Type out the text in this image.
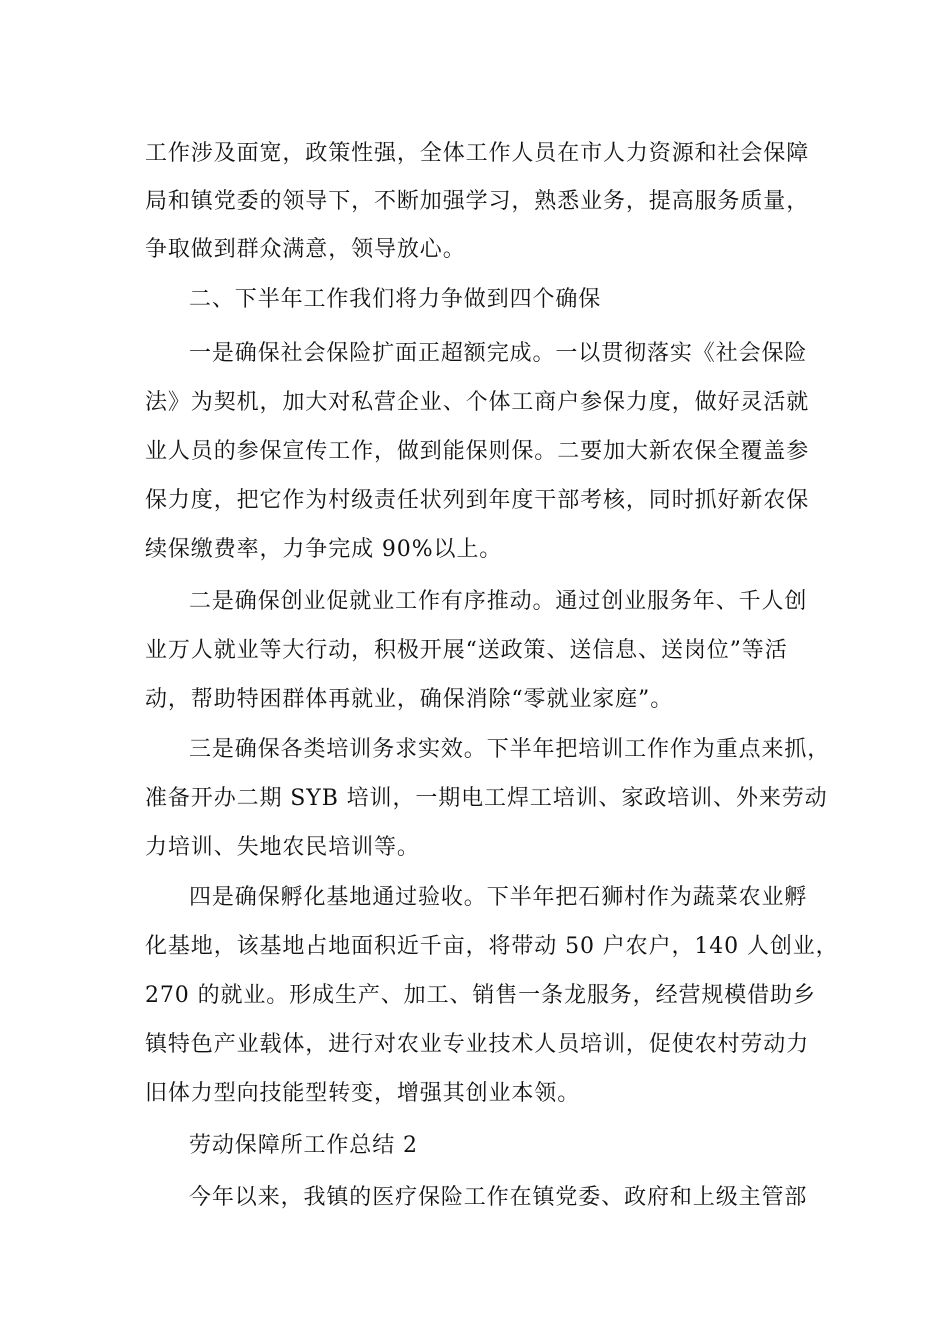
工作涉及面宽，政策性强，全体工作人员在市人力资源和社会保障
局和镇党委的领导下，不断加强学习，熟悉业务，提高服务质量，
争取做到群众满意，领导放心。
二、下半年工作我们将力争做到四个确保
一是确保社会保险扩面正超额完成。一以贯彻落实《社会保险
法》为契机，加大对私营企业、个体工商户参保力度，做好灵活就
业人员的参保宣传工作，做到能保则保。二要加大新农保全覆盖参
保力度，把它作为村级责任状列到年度干部考核，同时抓好新农保
续保缴费率，力争完成 90%以上。
二是确保创业促就业工作有序推动。通过创业服务年、千人创
业万人就业等大行动，积极开展“送政策、送信息、送岗位”等活
动，帮助特困群体再就业，确保消除“零就业家庭”。
三是确保各类培训务求实效。下半年把培训工作作为重点来抓，
准备开办二期 SYB 培训，一期电工焊工培训、家政培训、外来劳动
力培训、失地农民培训等。
四是确保孵化基地通过验收。下半年把石狮村作为蔬菜农业孵
化基地，该基地占地面积近千亩，将带动 50 户农户，140 人创业，
270 的就业。形成生产、加工、销售一条龙服务，经营规模借助乡
镇特色产业载体，进行对农业专业技术人员培训，促使农村劳动力
旧体力型向技能型转变，增强其创业本领。
劳动保障所工作总结 2
今年以来，我镇的医疗保险工作在镇党委、政府和上级主管部
